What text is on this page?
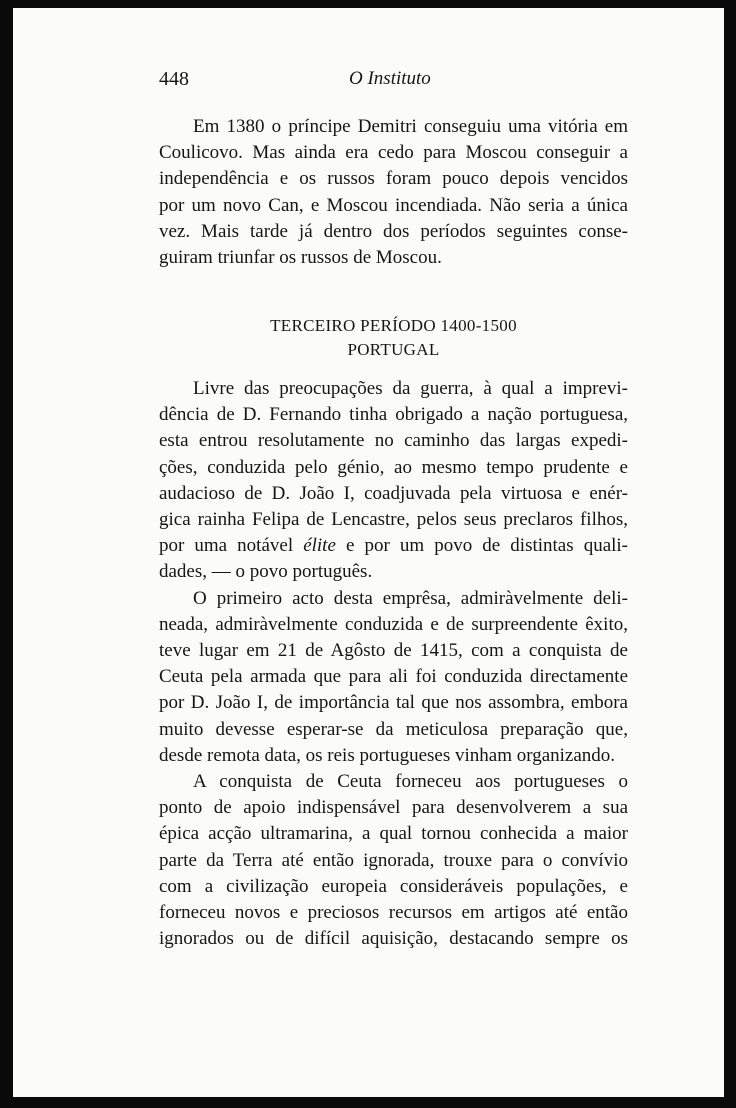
448	O Instituto

Em 1380 o príncipe Demitri conseguiu uma vitória em
Coulicovo. Mas ainda era cedo para Moscou conseguir a
independência e os russos foram pouco depois vencidos
por um novo Can, e Moscou incendiada. Não seria a única
vez. Mais tarde já dentro dos períodos seguintes conse-
guiram triunfar os russos de Moscou.

TERCEIRO PERÍODO 1400-1500
PORTUGAL

Livre das preocupações da guerra, à qual a imprevi-
dência de D. Fernando tinha obrigado a nação portuguesa,
esta entrou resolutamente no caminho das largas expedi-
ções, conduzida pelo génio, ao mesmo tempo prudente e
audacioso de D. João I, coadjuvada pela virtuosa e enér-
gica rainha Felipa de Lencastre, pelos seus preclaros filhos,
por uma notável élite e por um povo de distintas quali-
dades, — o povo português.

O primeiro acto desta emprêsa, admiràvelmente deli-
neada, admiràvelmente conduzida e de surpreendente êxito,
teve lugar em 21 de Agôsto de 1415, com a conquista de
Ceuta pela armada que para ali foi conduzida directamente
por D. João I, de importância tal que nos assombra, embora
muito devesse esperar-se da meticulosa preparação que,
desde remota data, os reis portugueses vinham organizando.

A conquista de Ceuta forneceu aos portugueses o
ponto de apoio indispensável para desenvolverem a sua
épica acção ultramarina, a qual tornou conhecida a maior
parte da Terra até então ignorada, trouxe para o convívio
com a civilização europeia consideráveis populações, e
forneceu novos e preciosos recursos em artigos até então
ignorados ou de difícil aquisição, destacando sempre os
